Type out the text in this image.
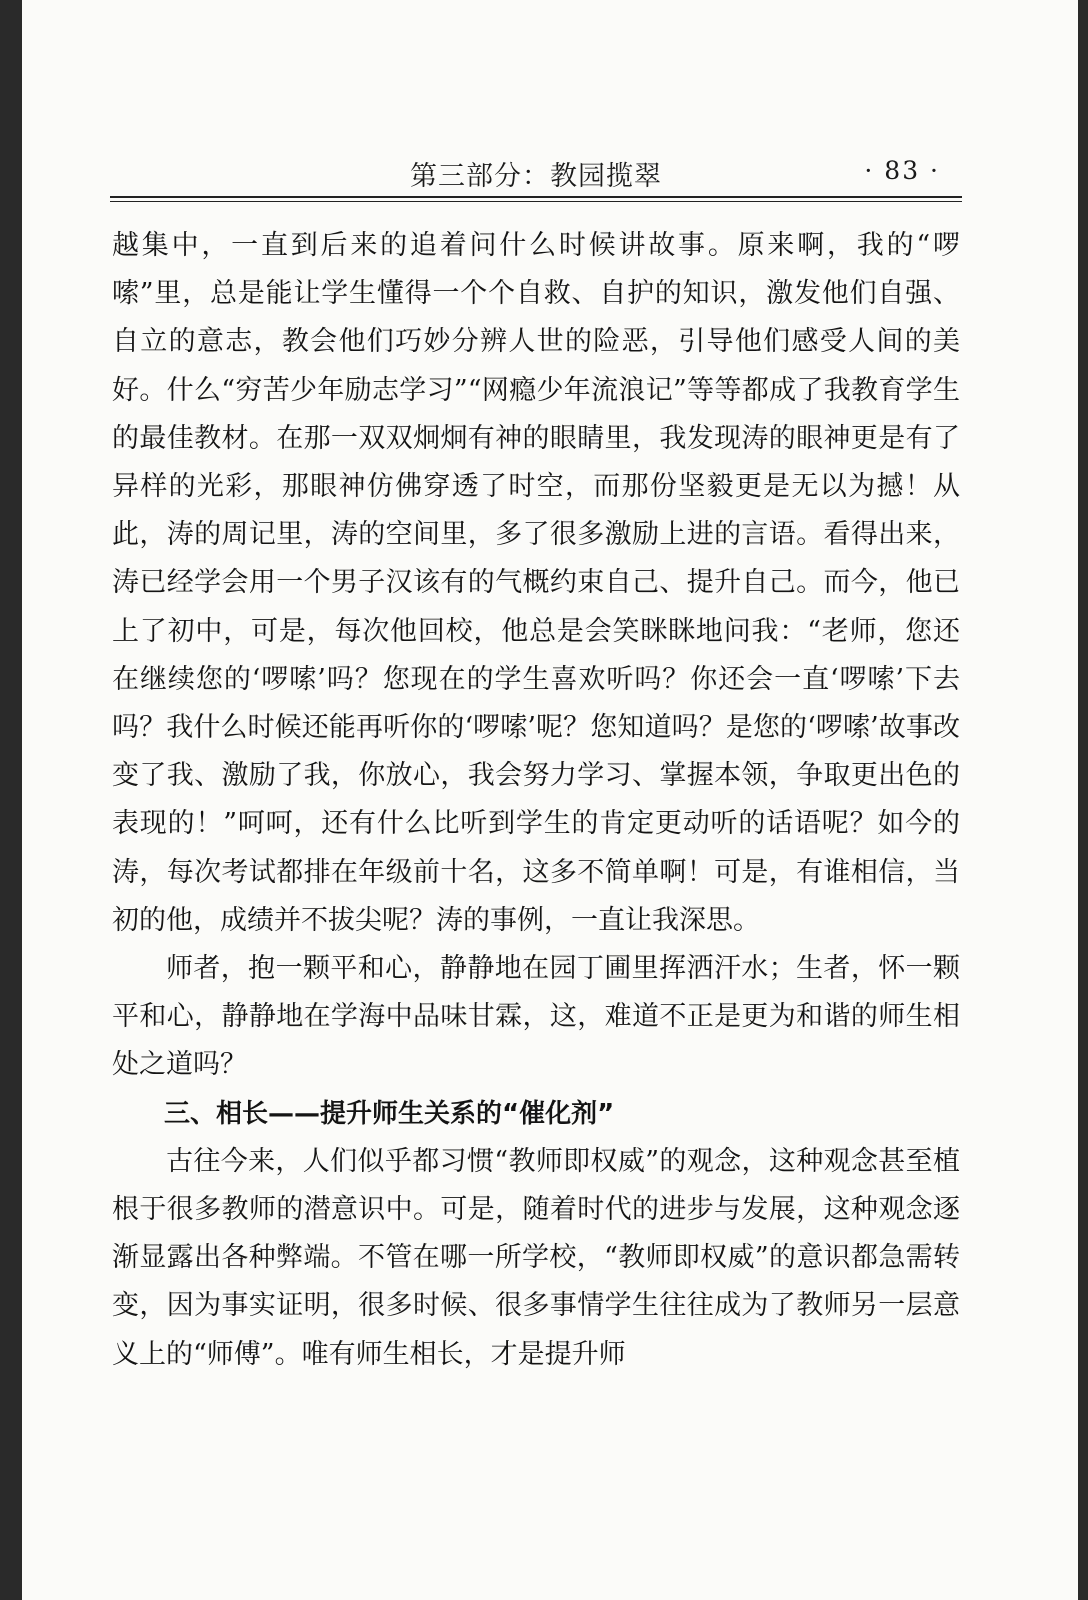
第三部分：教园揽翠	· 83 ·

越集中，一直到后来的追着问什么时候讲故事。原来啊，我的“啰嗦”里，总是能让学生懂得一个个自救、自护的知识，激发他们自强、自立的意志，教会他们巧妙分辨人世的险恶，引导他们感受人间的美好。什么“穷苦少年励志学习”“网瘾少年流浪记”等等都成了我教育学生的最佳教材。在那一双双炯炯有神的眼睛里，我发现涛的眼神更是有了异样的光彩，那眼神仿佛穿透了时空，而那份坚毅更是无以为撼！从此，涛的周记里，涛的空间里，多了很多激励上进的言语。看得出来，涛已经学会用一个男子汉该有的气概约束自己、提升自己。而今，他已上了初中，可是，每次他回校，他总是会笑眯眯地问我：“老师，您还在继续您的‘啰嗦’吗？您现在的学生喜欢听吗？你还会一直‘啰嗦’下去吗？我什么时候还能再听你的‘啰嗦’呢？您知道吗？是您的‘啰嗦’故事改变了我、激励了我，你放心，我会努力学习、掌握本领，争取更出色的表现的！”呵呵，还有什么比听到学生的肯定更动听的话语呢？如今的涛，每次考试都排在年级前十名，这多不简单啊！可是，有谁相信，当初的他，成绩并不拔尖呢？涛的事例，一直让我深思。

师者，抱一颗平和心，静静地在园丁圃里挥洒汗水；生者，怀一颗平和心，静静地在学海中品味甘霖，这，难道不正是更为和谐的师生相处之道吗？

三、相长——提升师生关系的“催化剂”

古往今来，人们似乎都习惯“教师即权威”的观念，这种观念甚至植根于很多教师的潜意识中。可是，随着时代的进步与发展，这种观念逐渐显露出各种弊端。不管在哪一所学校，“教师即权威”的意识都急需转变，因为事实证明，很多时候、很多事情学生往往成为了教师另一层意义上的“师傅”。唯有师生相长，才是提升师
